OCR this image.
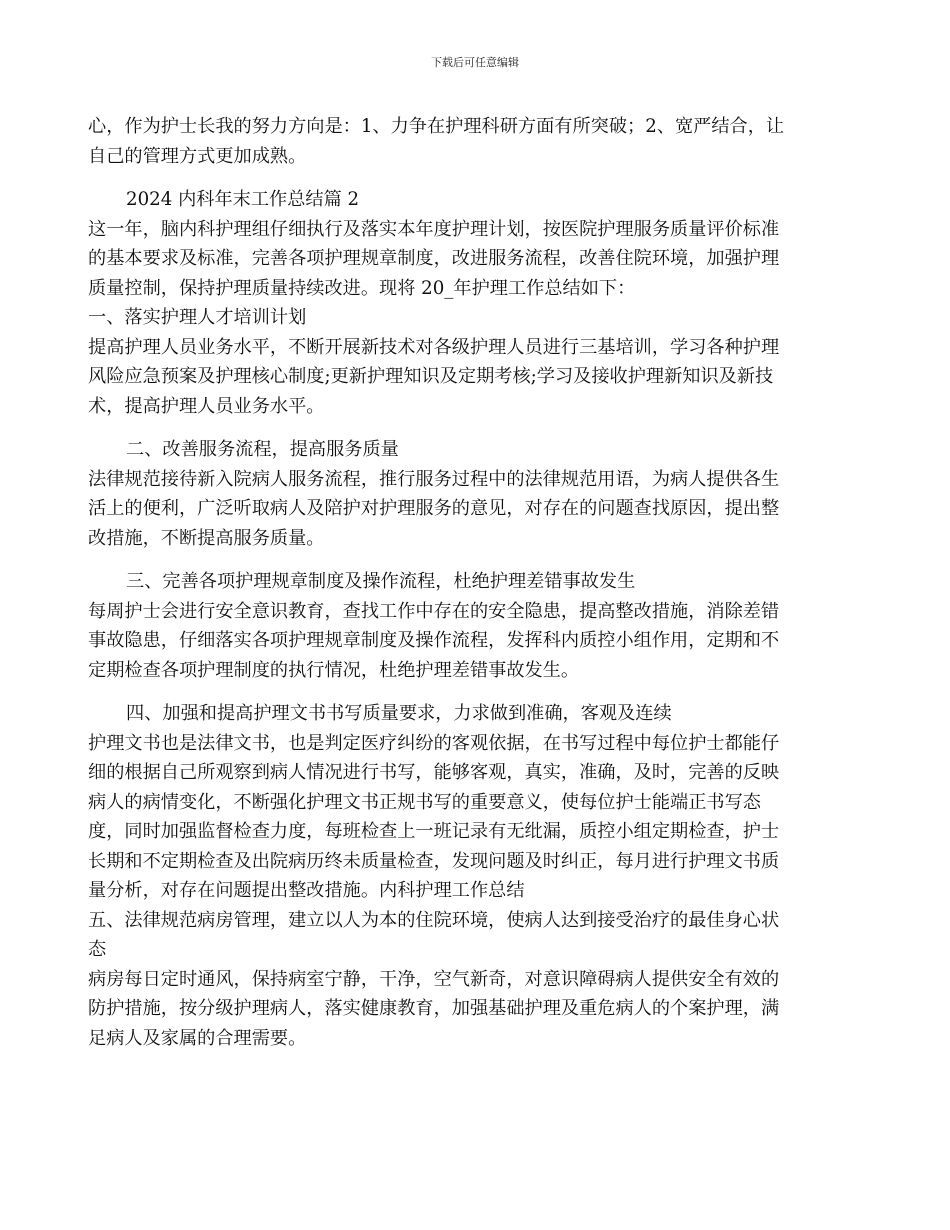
下载后可任意编辑

心，作为护士长我的努力方向是：1、力争在护理科研方面有所突破；2、宽严结合，让

自己的管理方式更加成熟。

2024 内科年末工作总结篇 2

这一年，脑内科护理组仔细执行及落实本年度护理计划，按医院护理服务质量评价标准

的基本要求及标准，完善各项护理规章制度，改进服务流程，改善住院环境，加强护理

质量控制，保持护理质量持续改进。现将 20_年护理工作总结如下：

一、落实护理人才培训计划

提高护理人员业务水平，不断开展新技术对各级护理人员进行三基培训，学习各种护理

风险应急预案及护理核心制度;更新护理知识及定期考核;学习及接收护理新知识及新技

术，提高护理人员业务水平。

二、改善服务流程，提高服务质量

法律规范接待新入院病人服务流程，推行服务过程中的法律规范用语，为病人提供各生

活上的便利，广泛听取病人及陪护对护理服务的意见，对存在的问题查找原因，提出整

改措施，不断提高服务质量。

三、完善各项护理规章制度及操作流程，杜绝护理差错事故发生

每周护士会进行安全意识教育，查找工作中存在的安全隐患，提高整改措施，消除差错

事故隐患，仔细落实各项护理规章制度及操作流程，发挥科内质控小组作用，定期和不

定期检查各项护理制度的执行情况，杜绝护理差错事故发生。

四、加强和提高护理文书书写质量要求，力求做到准确，客观及连续

护理文书也是法律文书，也是判定医疗纠纷的客观依据，在书写过程中每位护士都能仔

细的根据自己所观察到病人情况进行书写，能够客观，真实，准确，及时，完善的反映

病人的病情变化，不断强化护理文书正规书写的重要意义，使每位护士能端正书写态

度，同时加强监督检查力度，每班检查上一班记录有无纰漏，质控小组定期检查，护士

长期和不定期检查及出院病历终未质量检查，发现问题及时纠正，每月进行护理文书质

量分析，对存在问题提出整改措施。内科护理工作总结

五、法律规范病房管理，建立以人为本的住院环境，使病人达到接受治疗的最佳身心状

态

病房每日定时通风，保持病室宁静，干净，空气新奇，对意识障碍病人提供安全有效的

防护措施，按分级护理病人，落实健康教育，加强基础护理及重危病人的个案护理，满

足病人及家属的合理需要。
